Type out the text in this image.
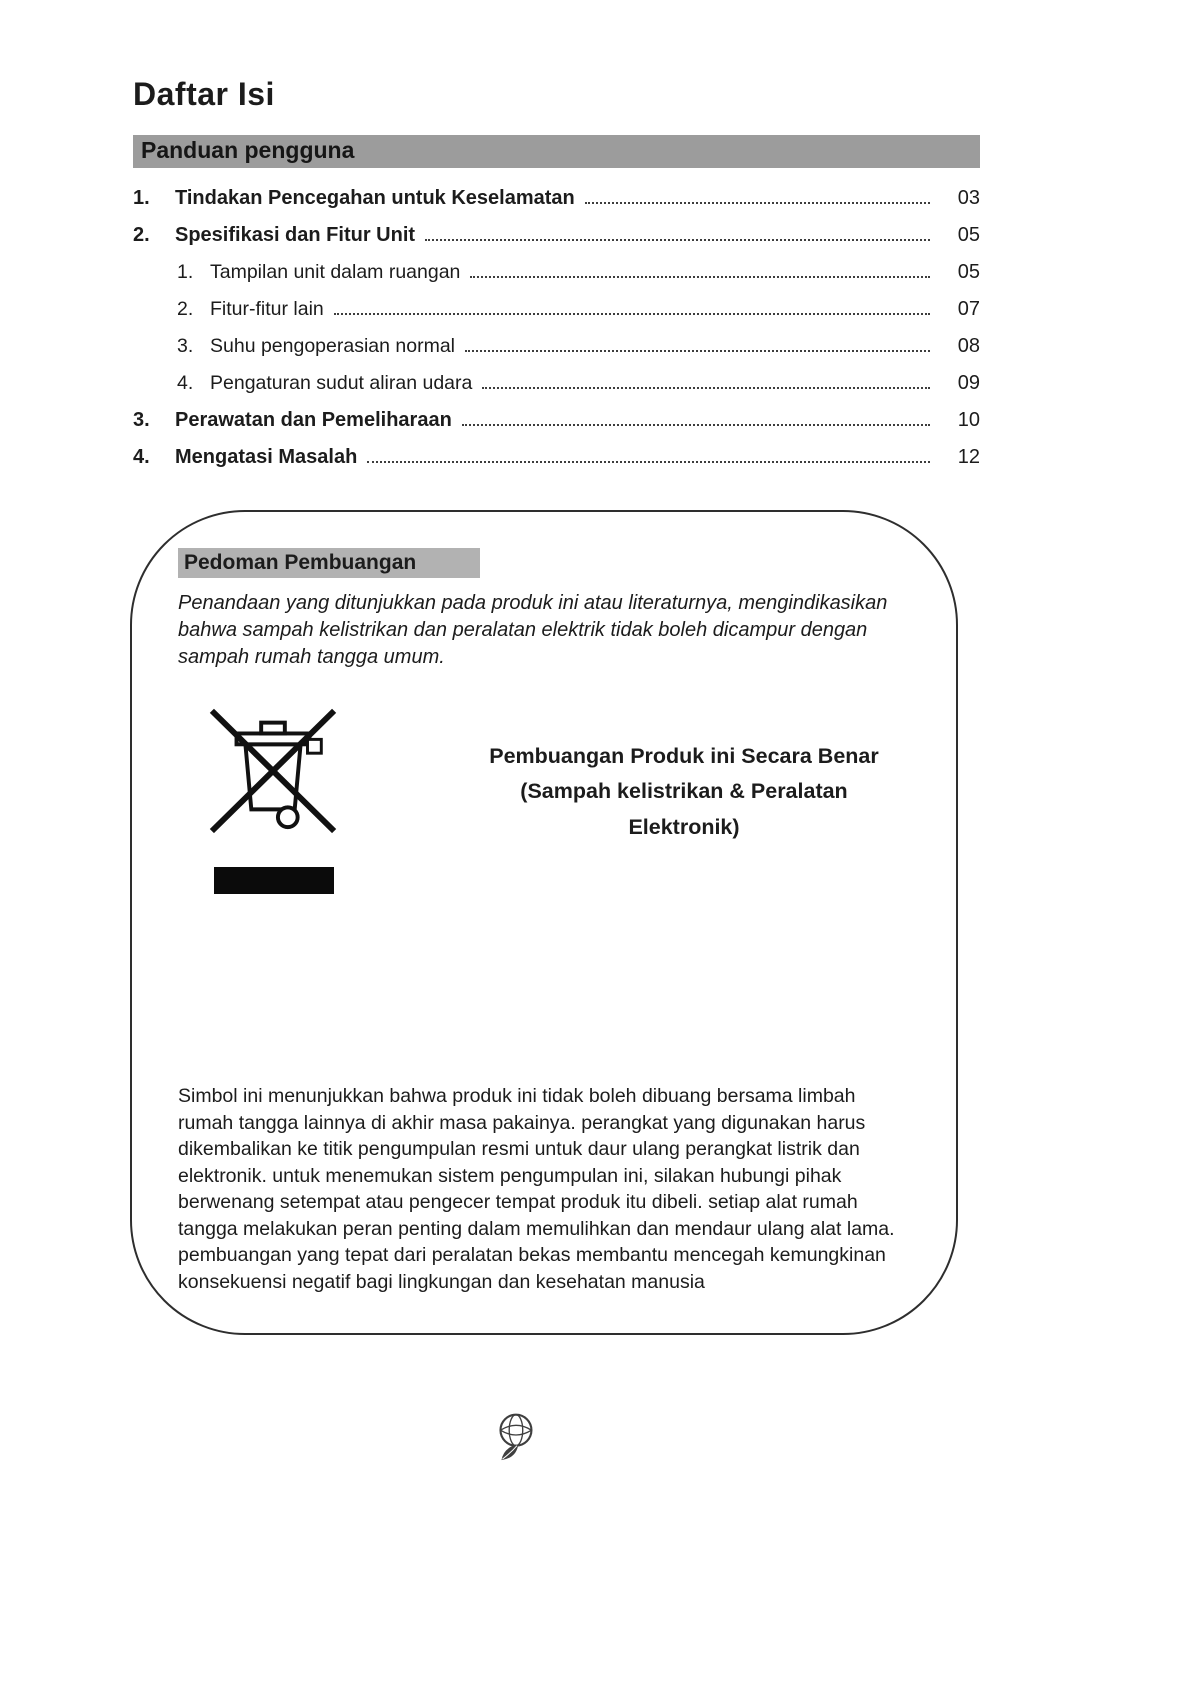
Daftar Isi
Panduan pengguna
1.	Tindakan Pencegahan untuk Keselamatan	03
2.	Spesifikasi dan Fitur Unit	05
1. Tampilan unit dalam ruangan	05
2. Fitur-fitur lain	07
3. Suhu pengoperasian normal	08
4. Pengaturan sudut aliran udara	09
3.	Perawatan dan Pemeliharaan	10
4.	Mengatasi Masalah	12
Pedoman Pembuangan

Penandaan yang ditunjukkan pada produk ini atau literaturnya, mengindikasikan bahwa sampah kelistrikan dan peralatan elektrik tidak boleh dicampur dengan sampah rumah tangga umum.

Pembuangan Produk ini Secara Benar
(Sampah kelistrikan & Peralatan Elektronik)

Simbol ini menunjukkan bahwa produk ini tidak boleh dibuang bersama limbah rumah tangga lainnya di akhir masa pakainya. perangkat yang digunakan harus dikembalikan ke titik pengumpulan resmi untuk daur ulang perangkat listrik dan elektronik. untuk menemukan sistem pengumpulan ini, silakan hubungi pihak berwenang setempat atau pengecer tempat produk itu dibeli. setiap alat rumah tangga melakukan peran penting dalam memulihkan dan mendaur ulang alat lama. pembuangan yang tepat dari peralatan bekas membantu mencegah kemungkinan konsekuensi negatif bagi lingkungan dan kesehatan manusia
